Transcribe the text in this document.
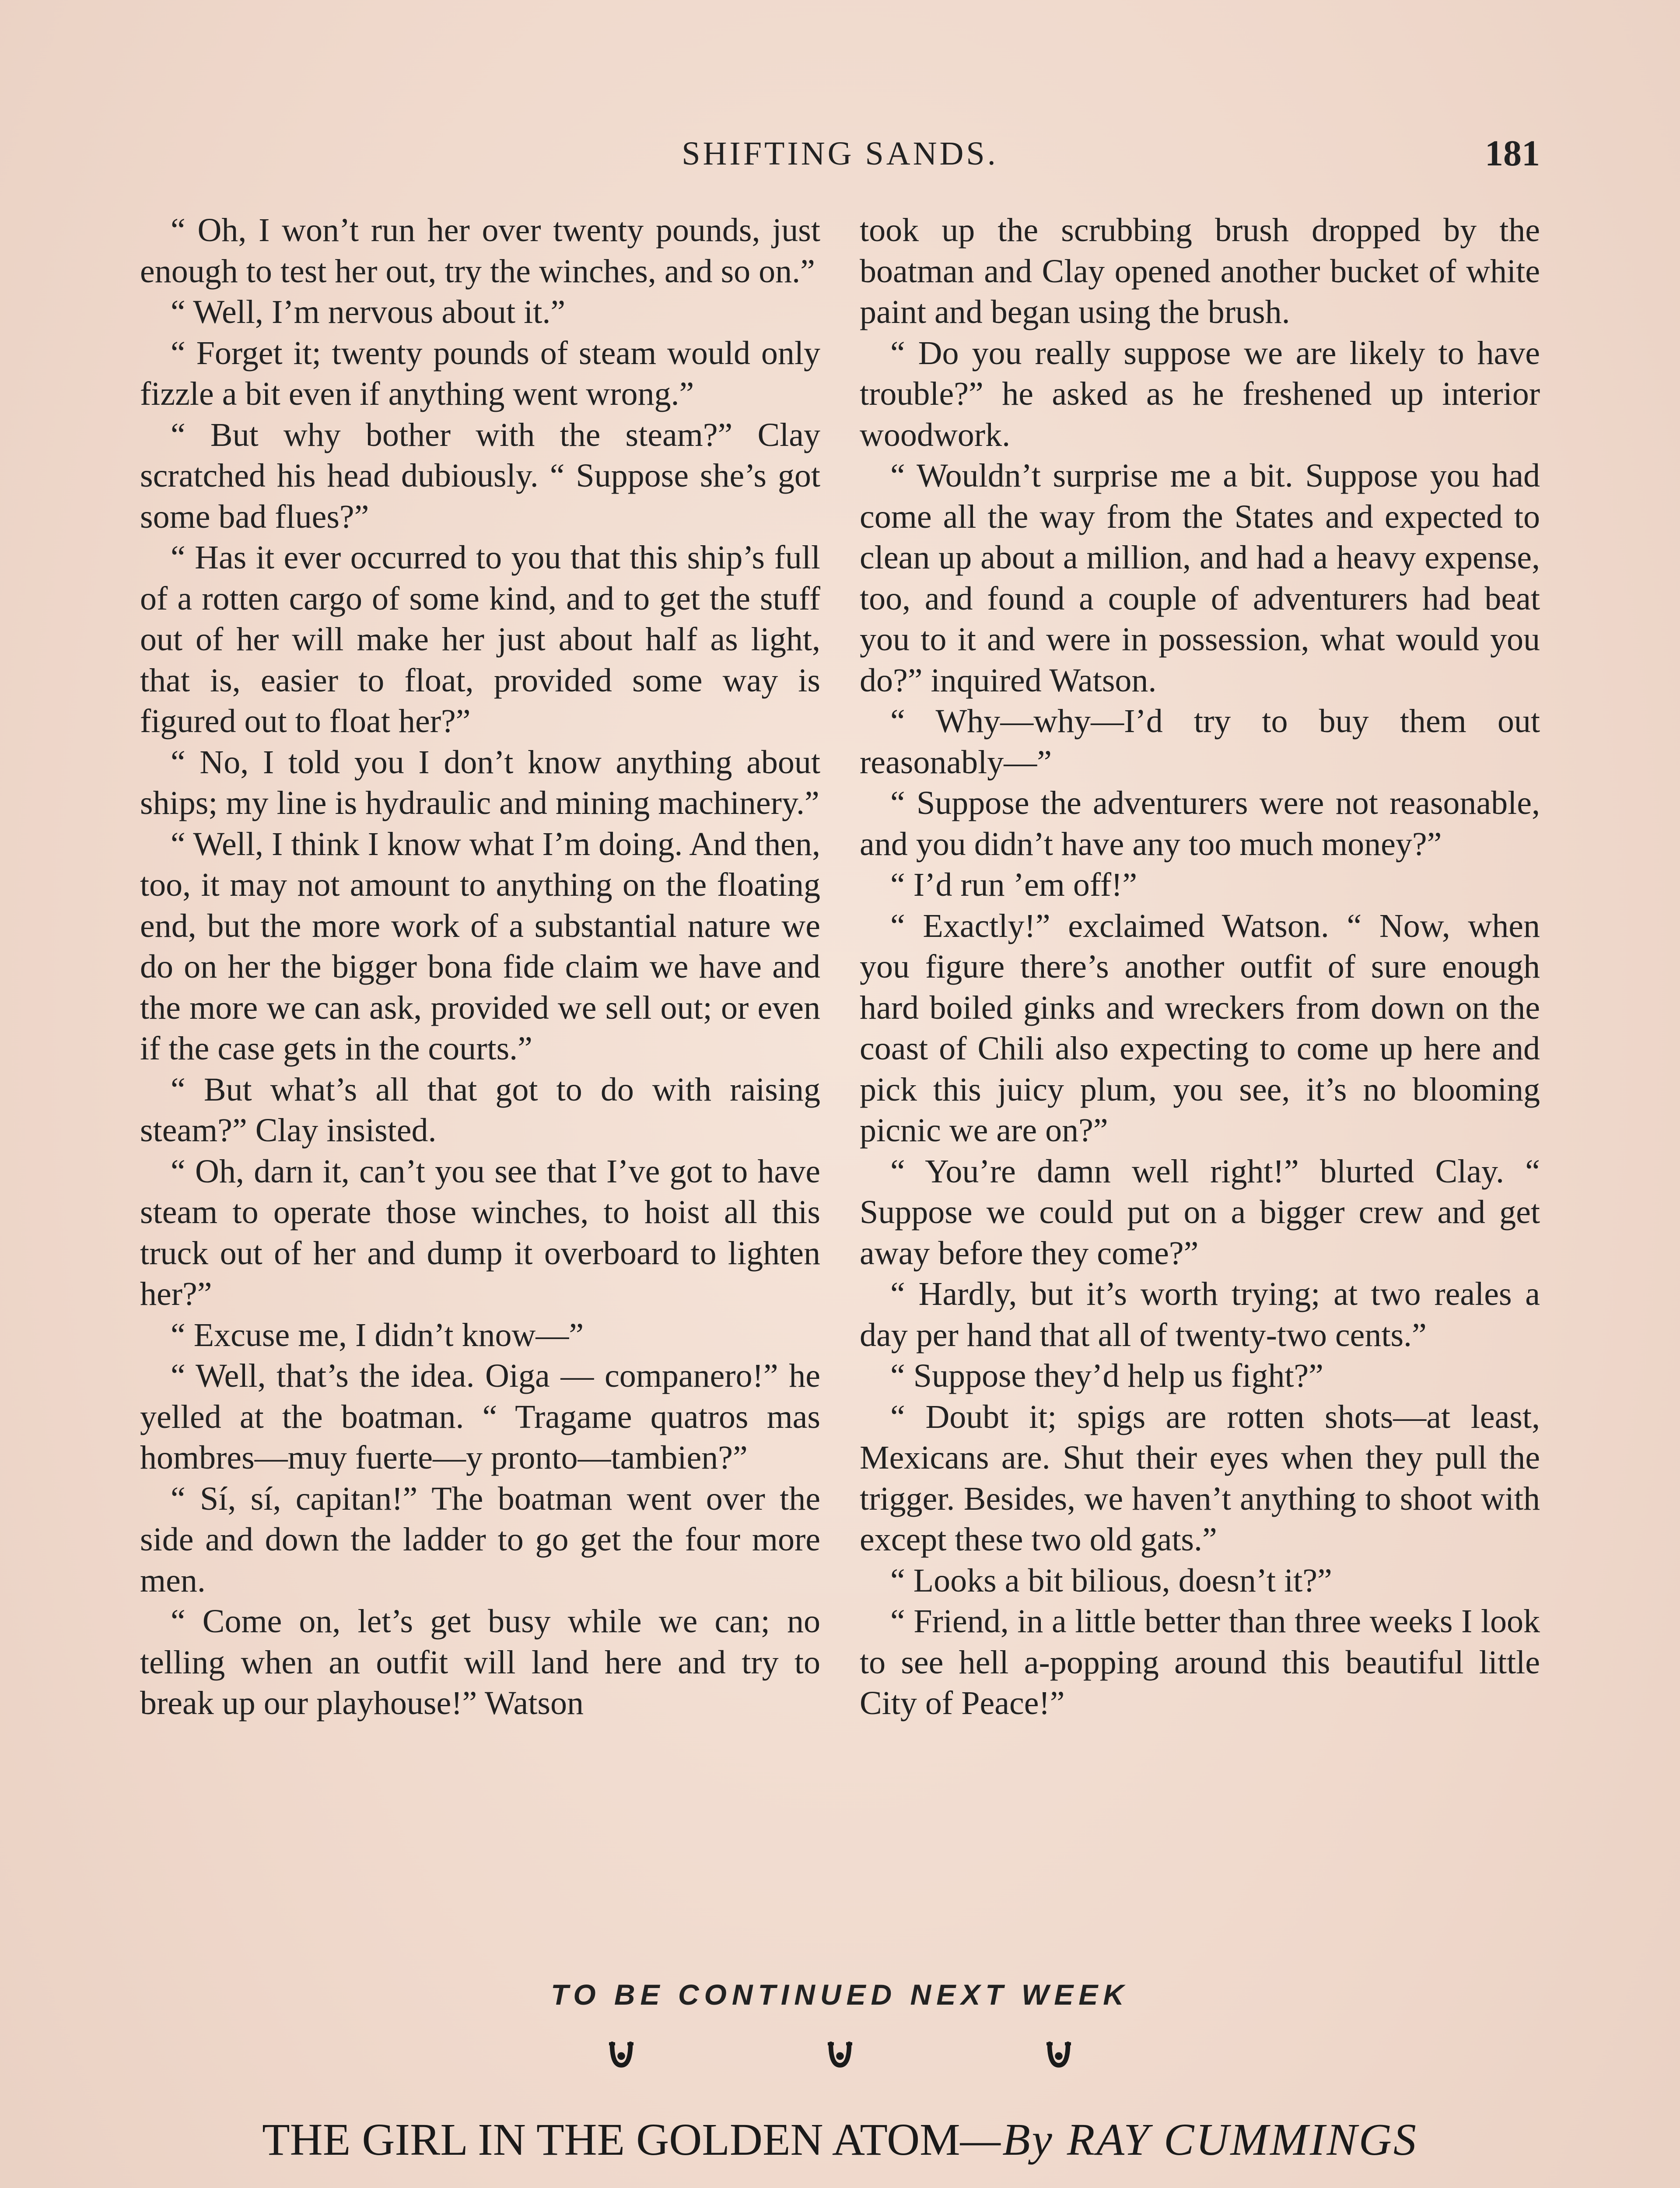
SHIFTING SANDS.	181

“ Oh, I won’t run her over twenty pounds, just enough to test her out, try the winches, and so on.”

“ Well, I’m nervous about it.”

“ Forget it; twenty pounds of steam would only fizzle a bit even if anything went wrong.”

“ But why bother with the steam?” Clay scratched his head dubiously. “ Suppose she’s got some bad flues?”

“ Has it ever occurred to you that this ship’s full of a rotten cargo of some kind, and to get the stuff out of her will make her just about half as light, that is, easier to float, provided some way is figured out to float her?”

“ No, I told you I don’t know anything about ships; my line is hydraulic and mining machinery.”

“ Well, I think I know what I’m doing. And then, too, it may not amount to anything on the floating end, but the more work of a substantial nature we do on her the bigger bona fide claim we have and the more we can ask, provided we sell out; or even if the case gets in the courts.”

“ But what’s all that got to do with raising steam?” Clay insisted.

“ Oh, darn it, can’t you see that I’ve got to have steam to operate those winches, to hoist all this truck out of her and dump it overboard to lighten her?”

“ Excuse me, I didn’t know—”

“ Well, that’s the idea. Oiga — companero!” he yelled at the boatman. “ Tragame quatros mas hombres—muy fuerte—y pronto—tambien?”

“ Sí, sí, capitan!” The boatman went over the side and down the ladder to go get the four more men.

“ Come on, let’s get busy while we can; no telling when an outfit will land here and try to break up our playhouse!” Watson

took up the scrubbing brush dropped by the boatman and Clay opened another bucket of white paint and began using the brush.

“ Do you really suppose we are likely to have trouble?” he asked as he freshened up interior woodwork.

“ Wouldn’t surprise me a bit. Suppose you had come all the way from the States and expected to clean up about a million, and had a heavy expense, too, and found a couple of adventurers had beat you to it and were in possession, what would you do?” inquired Watson.

“ Why—why—I’d try to buy them out reasonably—”

“ Suppose the adventurers were not reasonable, and you didn’t have any too much money?”

“ I’d run ’em off!”

“ Exactly!” exclaimed Watson. “ Now, when you figure there’s another outfit of sure enough hard boiled ginks and wreckers from down on the coast of Chili also expecting to come up here and pick this juicy plum, you see, it’s no blooming picnic we are on?”

“ You’re damn well right!” blurted Clay. “ Suppose we could put on a bigger crew and get away before they come?”

“ Hardly, but it’s worth trying; at two reales a day per hand that all of twenty-two cents.”

“ Suppose they’d help us fight?”

“ Doubt it; spigs are rotten shots—at least, Mexicans are. Shut their eyes when they pull the trigger. Besides, we haven’t anything to shoot with except these two old gats.”

“ Looks a bit bilious, doesn’t it?”

“ Friend, in a little better than three weeks I look to see hell a-popping around this beautiful little City of Peace!”

TO BE CONTINUED NEXT WEEK
THE GIRL IN THE GOLDEN ATOM—By RAY CUMMINGS
